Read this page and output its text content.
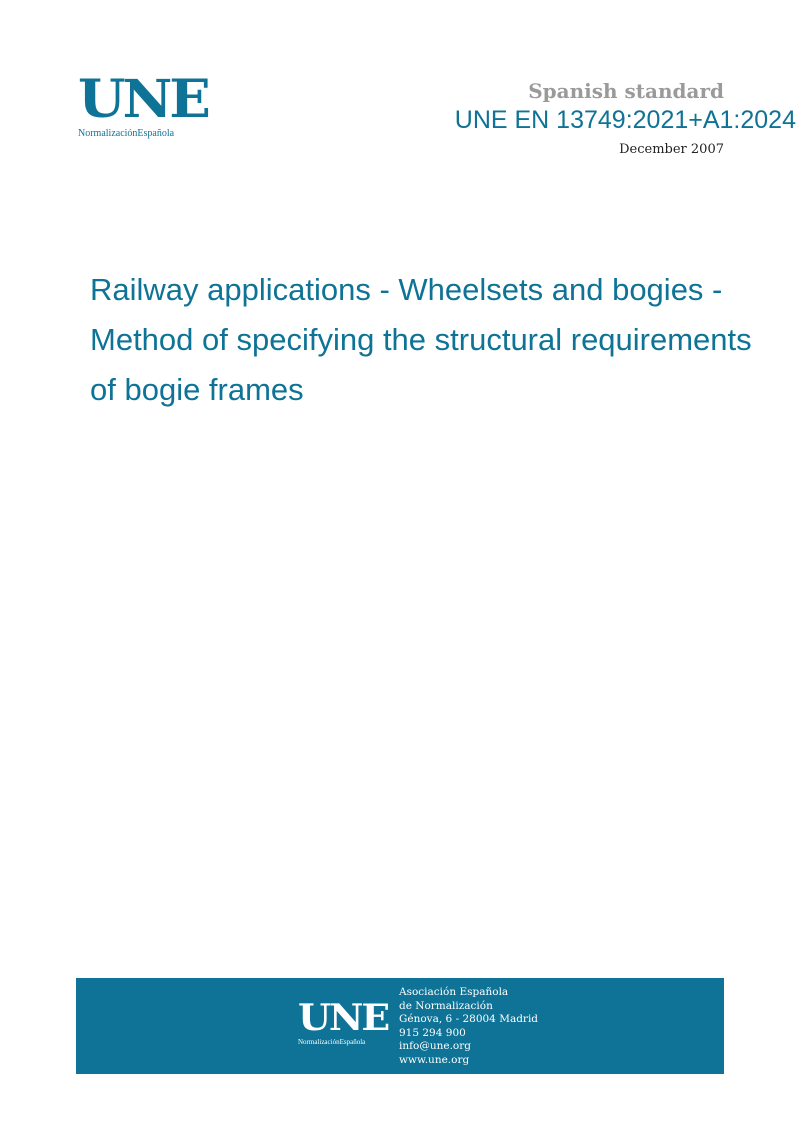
UNE
NormalizaciónEspañola
Spanish standard
UNE EN 13749:2021+A1:2024
December 2007
Railway applications - Wheelsets and bogies - Method of specifying the structural requirements of bogie frames
UNE
NormalizaciónEspañola
Asociación Española
de Normalización
Génova, 6 - 28004 Madrid
915 294 900
info@une.org
www.une.org
